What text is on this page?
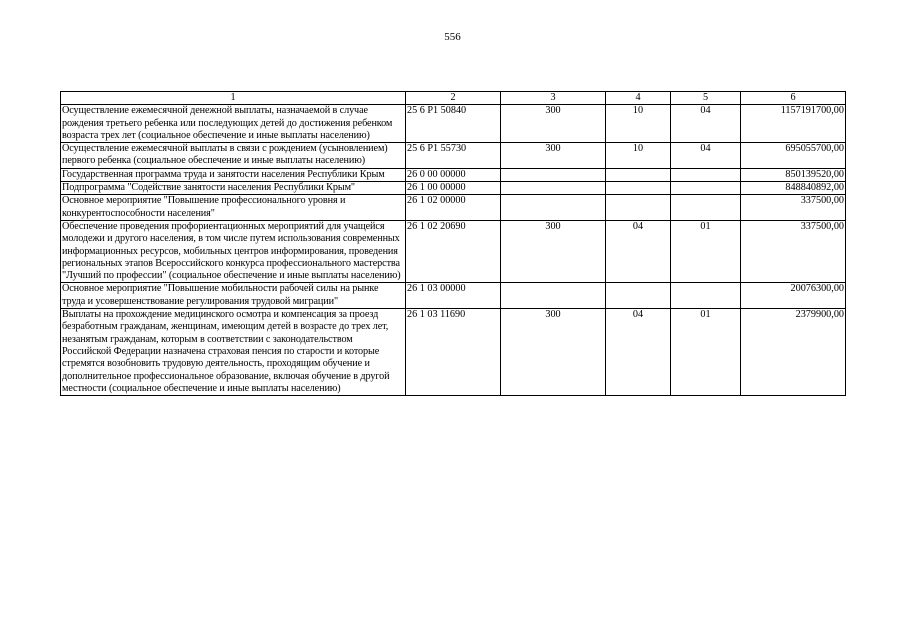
556
1	2	3	4	5	6
Осуществление ежемесячной денежной выплаты, назначаемой в случае рождения третьего ребенка или последующих детей до достижения ребенком возраста трех лет (социальное обеспечение и иные выплаты населению)	25 6 P1 50840	300	10	04	1157191700,00
Осуществление ежемесячной выплаты в связи с рождением (усыновлением) первого ребенка (социальное обеспечение и иные выплаты населению)	25 6 P1 55730	300	10	04	695055700,00
Государственная программа труда и занятости населения Республики Крым	26 0 00 00000				850139520,00
Подпрограмма "Содействие занятости населения Республики Крым"	26 1 00 00000				848840892,00
Основное мероприятие "Повышение профессионального уровня и конкурентоспособности населения"	26 1 02 00000				337500,00
Обеспечение проведения профориентационных мероприятий для учащейся молодежи и другого населения, в том числе путем использования современных информационных ресурсов, мобильных центров информирования, проведения региональных этапов Всероссийского конкурса профессионального мастерства "Лучший по профессии" (социальное обеспечение и иные выплаты населению)	26 1 02 20690	300	04	01	337500,00
Основное мероприятие "Повышение мобильности рабочей силы на рынке труда и усовершенствование регулирования трудовой миграции"	26 1 03 00000				20076300,00
Выплаты на прохождение медицинского осмотра и компенсация за проезд безработным гражданам, женщинам, имеющим детей в возрасте до трех лет, незанятым гражданам, которым в соответствии с законодательством Российской Федерации назначена страховая пенсия по старости и которые стремятся возобновить трудовую деятельность, проходящим обучение и дополнительное профессиональное образование, включая обучение в другой местности (социальное обеспечение и иные выплаты населению)	26 1 03 11690	300	04	01	2379900,00
